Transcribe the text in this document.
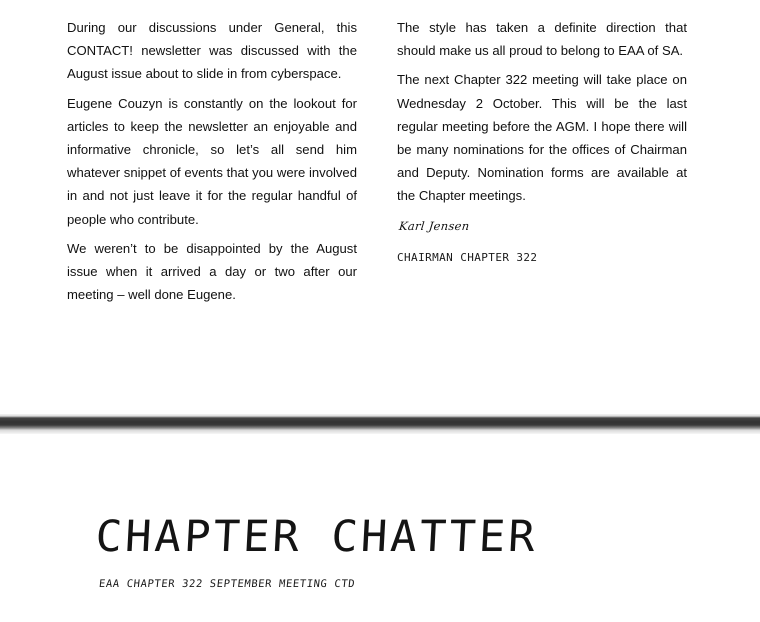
During our discussions under General, this CONTACT! newsletter was discussed with the August issue about to slide in from cyberspace.

Eugene Couzyn is constantly on the lookout for articles to keep the newsletter an enjoyable and informative chronicle, so let’s all send him whatever snippet of events that you were involved in and not just leave it for the regular handful of people who contribute.

We weren’t to be disappointed by the August issue when it arrived a day or two after our meeting – well done Eugene.

The style has taken a definite direction that should make us all proud to belong to EAA of SA.

The next Chapter 322 meeting will take place on Wednesday 2 October. This will be the last regular meeting before the AGM. I hope there will be many nominations for the offices of Chairman and Deputy. Nomination forms are available at the Chapter meetings.

Karl Jensen
CHAIRMAN CHAPTER 322
CHAPTER CHATTER
EAA CHAPTER 322 SEPTEMBER MEETING CTD
